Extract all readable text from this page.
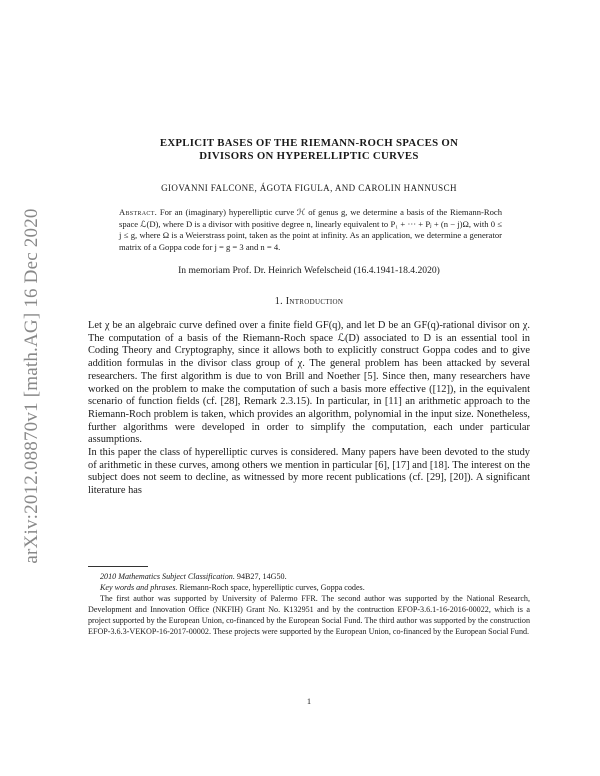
arXiv:2012.08870v1 [math.AG] 16 Dec 2020
EXPLICIT BASES OF THE RIEMANN-ROCH SPACES ON
DIVISORS ON HYPERELLIPTIC CURVES
GIOVANNI FALCONE, ÁGOTA FIGULA, AND CAROLIN HANNUSCH
Abstract. For an (imaginary) hyperelliptic curve ℋ of genus g, we determine a basis of the Riemann-Roch space ℒ(D), where D is a divisor with positive degree n, linearly equivalent to P₁ + ··· + Pⱼ + (n − j)Ω, with 0 ≤ j ≤ g, where Ω is a Weierstrass point, taken as the point at infinity. As an application, we determine a generator matrix of a Goppa code for j = g = 3 and n = 4.
In memoriam Prof. Dr. Heinrich Wefelscheid (16.4.1941-18.4.2020)
1. Introduction

Let χ be an algebraic curve defined over a finite field GF(q), and let D be an GF(q)-rational divisor on χ. The computation of a basis of the Riemann-Roch space ℒ(D) associated to D is an essential tool in Coding Theory and Cryptography, since it allows both to explicitly construct Goppa codes and to give addition formulas in the divisor class group of χ. The general problem has been attacked by several researchers. The first algorithm is due to von Brill and Noether [5]. Since then, many researchers have worked on the problem to make the computation of such a basis more effective ([12]), in the equivalent scenario of function fields (cf. [28], Remark 2.3.15). In particular, in [11] an arithmetic approach to the Riemann-Roch problem is taken, which provides an algorithm, polynomial in the input size. Nonetheless, further algorithms were developed in order to simplify the computation, each under particular assumptions.

In this paper the class of hyperelliptic curves is considered. Many papers have been devoted to the study of arithmetic in these curves, among others we mention in particular [6], [17] and [18]. The interest on the subject does not seem to decline, as witnessed by more recent publications (cf. [29], [20]). A significant literature has

2010 Mathematics Subject Classification. 94B27, 14G50.

Key words and phrases. Riemann-Roch space, hyperelliptic curves, Goppa codes.

The first author was supported by University of Palermo FFR. The second author was supported by the National Research, Development and Innovation Office (NKFIH) Grant No. K132951 and by the contruction EFOP-3.6.1-16-2016-00022, which is a project supported by the European Union, co-financed by the European Social Fund. The third author was supported by the construction EFOP-3.6.3-VEKOP-16-2017-00002. These projects were supported by the European Union, co-financed by the European Social Fund.

1
